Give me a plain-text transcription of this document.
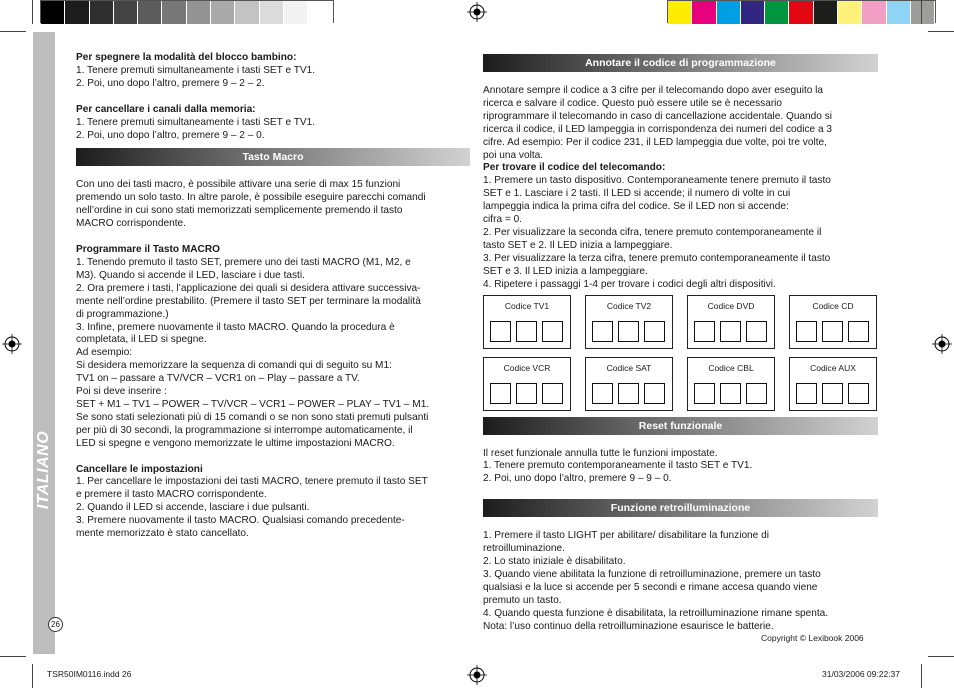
ITALIANO
26

Per spegnere la modalità del blocco bambino:

1. Tenere premuti simultaneamente i tasti SET e TV1.

2. Poi, uno dopo l’altro, premere 9 – 2 – 2.

Per cancellare i canali dalla memoria:

1. Tenere premuti simultaneamente i tasti SET e TV1.

2. Poi, uno dopo l’altro, premere 9 – 2 – 0.

Tasto Macro

Con uno dei tasti macro, è possibile attivare una serie di max 15 funzioni

premendo un solo tasto. In altre parole, è possibile eseguire parecchi comandi

nell’ordine in cui sono stati memorizzati semplicemente premendo il tasto

MACRO corrispondente.

Programmare il Tasto MACRO

1. Tenendo premuto il tasto SET, premere uno dei tasti MACRO (M1, M2, e

M3). Quando si accende il LED, lasciare i due tasti.

2. Ora premere i tasti, l’applicazione dei quali si desidera attivare successiva-

mente nell’ordine prestabilito. (Premere il tasto SET per terminare la modalità

di programmazione.)

3. Infine, premere nuovamente il tasto MACRO. Quando la procedura è

completata, il LED si spegne.

Ad esempio:

Si desidera memorizzare la sequenza di comandi qui di seguito su M1:

TV1 on – passare a TV/VCR – VCR1 on – Play – passare a TV.

Poi si deve inserire :

SET + M1 – TV1 – POWER – TV/VCR – VCR1 – POWER – PLAY – TV1 – M1.

Se sono stati selezionati più di 15 comandi o se non sono stati premuti pulsanti

per più di 30 secondi, la programmazione si interrompe automaticamente, il

LED si spegne e vengono memorizzate le ultime impostazioni MACRO.

Cancellare le impostazioni

1. Per cancellare le impostazioni dei tasti MACRO, tenere premuto il tasto SET

e premere il tasto MACRO corrispondente.

2. Quando il LED si accende, lasciare i due pulsanti.

3. Premere nuovamente il tasto MACRO. Qualsiasi comando precedente-

mente memorizzato è stato cancellato.

Annotare il codice di programmazione

Annotare sempre il codice a 3 cifre per il telecomando dopo aver eseguito la

ricerca e salvare il codice. Questo può essere utile se è necessario

riprogrammare il telecomando in caso di cancellazione accidentale. Quando si

ricerca il codice, il LED lampeggia in corrispondenza dei numeri del codice a 3

cifre. Ad esempio: Per il codice 231, il LED lampeggia due volte, poi tre volte,

poi una volta.

Per trovare il codice del telecomando:

1. Premere un tasto dispositivo. Contemporaneamente tenere premuto il tasto

SET e 1. Lasciare i 2 tasti. Il LED si accende; il numero di volte in cui

lampeggia indica la prima cifra del codice. Se il LED non si accende:

cifra = 0.

2. Per visualizzare la seconda cifra, tenere premuto contemporaneamente il

tasto SET e 2. Il LED inizia a lampeggiare.

3. Per visualizzare la terza cifra, tenere premuto contemporaneamente il tasto

SET e 3. Il LED inizia a lampeggiare.

4. Ripetere i passaggi 1-4 per trovare i codici degli altri dispositivi.

Codice TV1	Codice TV2	Codice DVD	Codice CD
Codice VCR	Codice SAT	Codice CBL	Codice AUX
Reset funzionale

Il reset funzionale annulla tutte le funzioni impostate.

1. Tenere premuto contemporaneamente il tasto SET e TV1.

2. Poi, uno dopo l’altro, premere 9 – 9 – 0.

Funzione retroilluminazione

1. Premere il tasto LIGHT per abilitare/ disabilitare la funzione di

retroilluminazione.

2. Lo stato iniziale è disabilitato.

3. Quando viene abilitata la funzione di retroilluminazione, premere un tasto

qualsiasi e la luce si accende per 5 secondi e rimane accesa quando viene

premuto un tasto.

4. Quando questa funzione è disabilitata, la retroilluminazione rimane spenta.

Nota: l’uso continuo della retroilluminazione esaurisce le batterie.

Copyright © Lexibook 2006
TSR50IM0116.indd 26	31/03/2006 09:22:37
